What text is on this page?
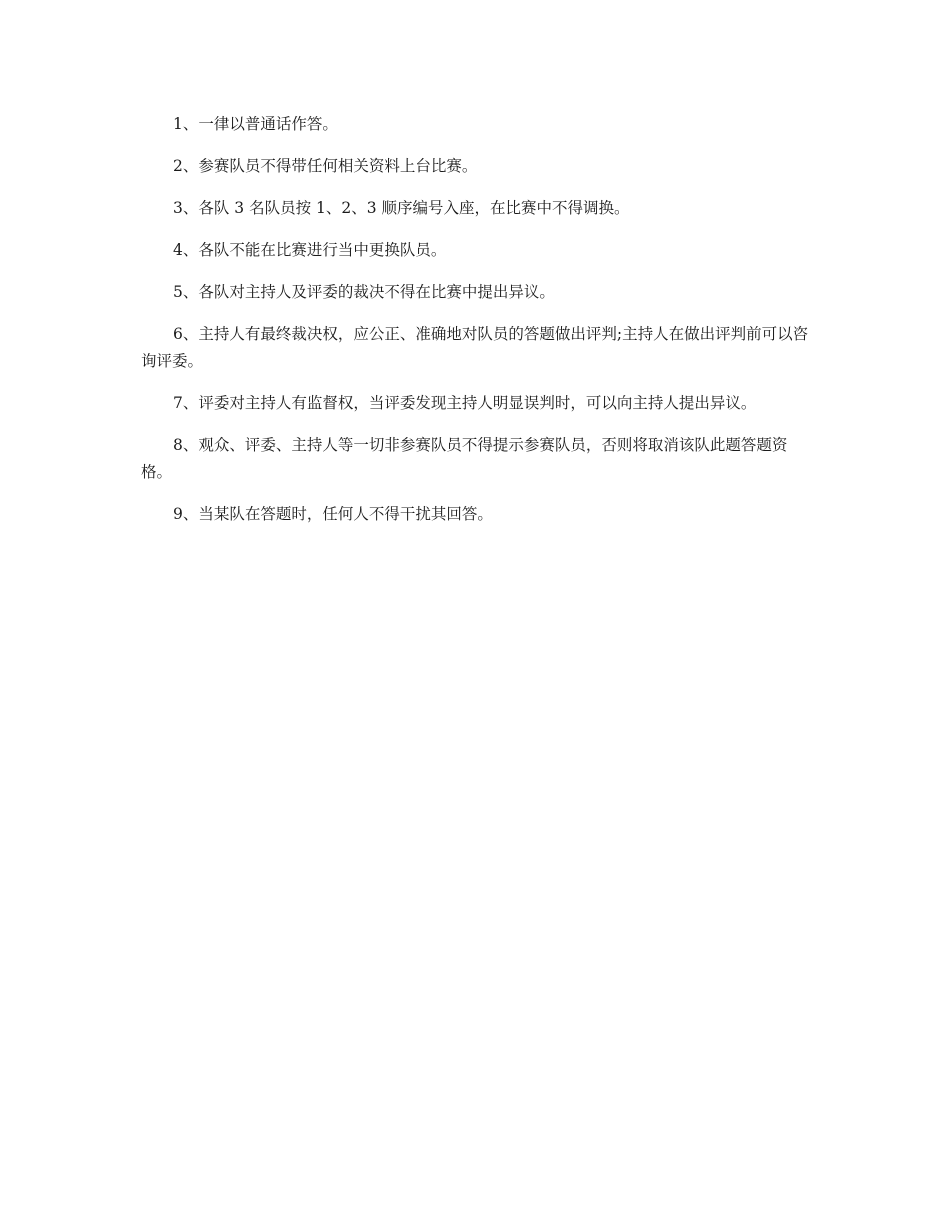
1、一律以普通话作答。

2、参赛队员不得带任何相关资料上台比赛。

3、各队 3 名队员按 1、2、3 顺序编号入座，在比赛中不得调换。

4、各队不能在比赛进行当中更换队员。

5、各队对主持人及评委的裁决不得在比赛中提出异议。

6、主持人有最终裁决权，应公正、准确地对队员的答题做出评判;主持人在做出评判前可以咨 询评委。

7、评委对主持人有监督权，当评委发现主持人明显误判时，可以向主持人提出异议。

8、观众、评委、主持人等一切非参赛队员不得提示参赛队员，否则将取消该队此题答题资格。

9、当某队在答题时，任何人不得干扰其回答。
